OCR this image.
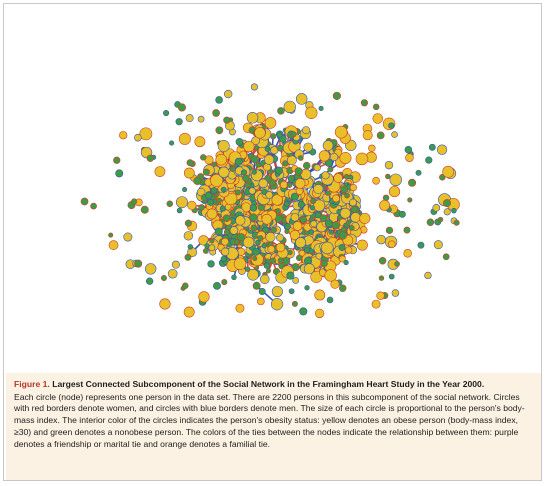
Figure 1. Largest Connected Subcomponent of the Social Network in the Framingham Heart Study in the Year 2000.

Each circle (node) represents one person in the data set. There are 2200 persons in this subcomponent of the social network. Circles with red borders denote women, and circles with blue borders denote men. The size of each circle is proportional to the person's body-mass index. The interior color of the circles indicates the person's obesity status: yellow denotes an obese person (body-mass index, ≥30) and green denotes a nonobese person. The colors of the ties between the nodes indicate the relationship between them: purple denotes a friendship or marital tie and orange denotes a familial tie.
